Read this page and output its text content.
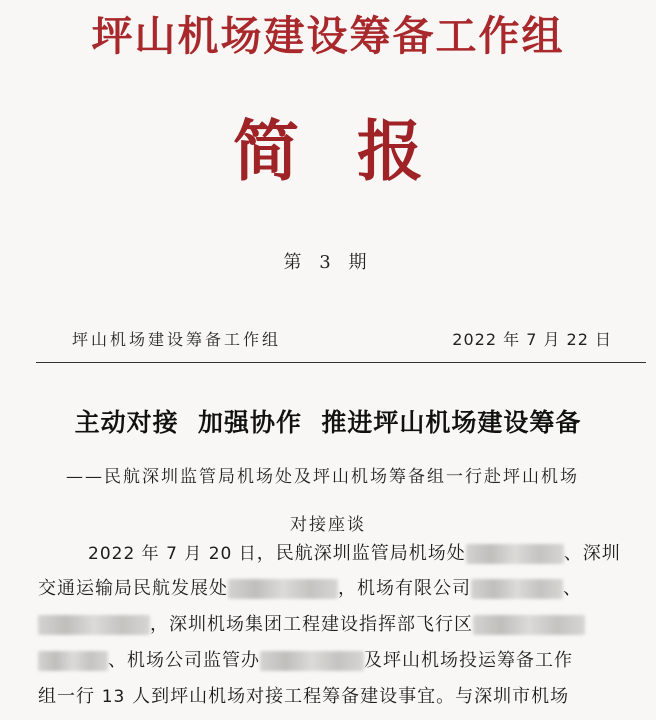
坪山机场建设筹备工作组
简报
第 3 期
坪山机场建设筹备工作组	2022 年 7 月 22 日
主动对接  加强协作  推进坪山机场建设筹备
——民航深圳监管局机场处及坪山机场筹备组一行赴坪山机场
对接座谈
2022 年 7 月 20 日，民航深圳监管局机场处	、深圳
交通运输局民航发展处	，机场有限公司	、
，深圳机场集团工程建设指挥部飞行区
、机场公司监管办	及坪山机场投运筹备工作
组一行 13 人到坪山机场对接工程筹备建设事宜。与深圳市机场
